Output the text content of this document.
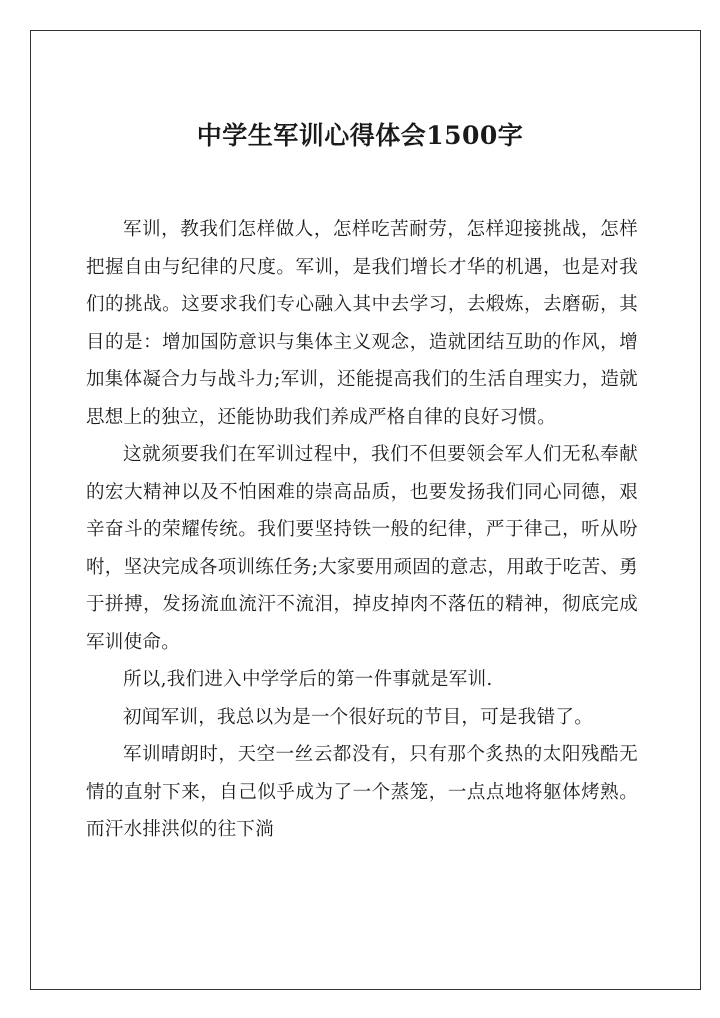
中学生军训心得体会1500字

军训，教我们怎样做人，怎样吃苦耐劳，怎样迎接挑战，怎样把握自由与纪律的尺度。军训，是我们增长才华的机遇，也是对我们的挑战。这要求我们专心融入其中去学习，去煅炼，去磨砺，其目的是：增加国防意识与集体主义观念，造就团结互助的作风，增加集体凝合力与战斗力;军训，还能提高我们的生活自理实力，造就思想上的独立，还能协助我们养成严格自律的良好习惯。

这就须要我们在军训过程中，我们不但要领会军人们无私奉献的宏大精神以及不怕困难的崇高品质，也要发扬我们同心同德，艰辛奋斗的荣耀传统。我们要坚持铁一般的纪律，严于律己，听从吩咐，坚决完成各项训练任务;大家要用顽固的意志，用敢于吃苦、勇于拼搏，发扬流血流汗不流泪，掉皮掉肉不落伍的精神，彻底完成军训使命。

所以,我们进入中学学后的第一件事就是军训.

初闻军训，我总以为是一个很好玩的节目，可是我错了。

军训晴朗时，天空一丝云都没有，只有那个炙热的太阳残酷无情的直射下来，自己似乎成为了一个蒸笼，一点点地将躯体烤熟。而汗水排洪似的往下淌
